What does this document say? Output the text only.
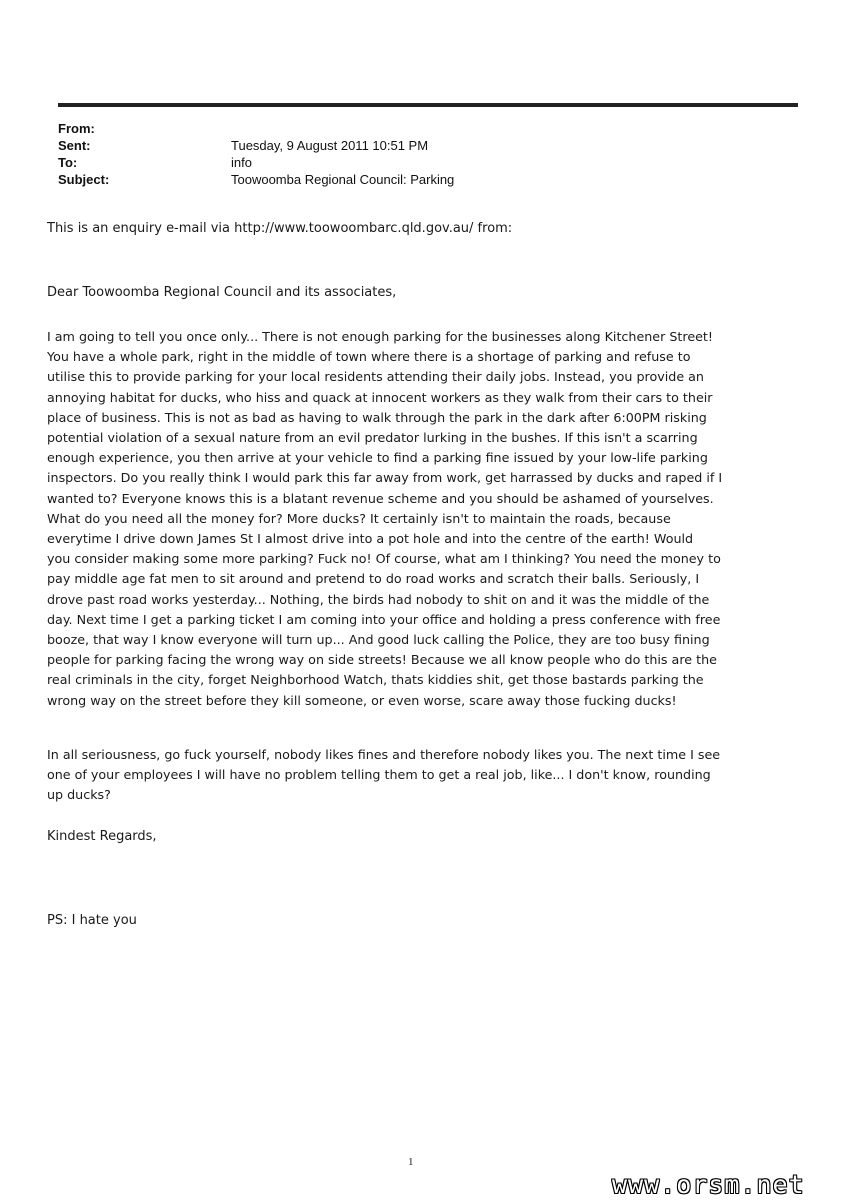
From:
Sent:	Tuesday, 9 August 2011 10:51 PM
To:	info
Subject:	Toowoomba Regional Council: Parking
This is an enquiry e-mail via http://www.toowoombarc.qld.gov.au/ from:
Dear Toowoomba Regional Council and its associates,
I am going to tell you once only... There is not enough parking for the businesses along Kitchener Street!
You have a whole park, right in the middle of town where there is a shortage of parking and refuse to
utilise this to provide parking for your local residents attending their daily jobs. Instead, you provide an
annoying habitat for ducks, who hiss and quack at innocent workers as they walk from their cars to their
place of business. This is not as bad as having to walk through the park in the dark after 6:00PM risking
potential violation of a sexual nature from an evil predator lurking in the bushes. If this isn't a scarring
enough experience, you then arrive at your vehicle to find a parking fine issued by your low-life parking
inspectors. Do you really think I would park this far away from work, get harrassed by ducks and raped if I
wanted to? Everyone knows this is a blatant revenue scheme and you should be ashamed of yourselves.
What do you need all the money for? More ducks? It certainly isn't to maintain the roads, because
everytime I drive down James St I almost drive into a pot hole and into the centre of the earth! Would
you consider making some more parking? Fuck no! Of course, what am I thinking? You need the money to
pay middle age fat men to sit around and pretend to do road works and scratch their balls. Seriously, I
drove past road works yesterday... Nothing, the birds had nobody to shit on and it was the middle of the
day. Next time I get a parking ticket I am coming into your office and holding a press conference with free
booze, that way I know everyone will turn up... And good luck calling the Police, they are too busy fining
people for parking facing the wrong way on side streets! Because we all know people who do this are the
real criminals in the city, forget Neighborhood Watch, thats kiddies shit, get those bastards parking the
wrong way on the street before they kill someone, or even worse, scare away those fucking ducks!
In all seriousness, go fuck yourself, nobody likes fines and therefore nobody likes you. The next time I see
one of your employees I will have no problem telling them to get a real job, like... I don't know, rounding
up ducks?
Kindest Regards,
PS: I hate you
1
www.orsm.net
